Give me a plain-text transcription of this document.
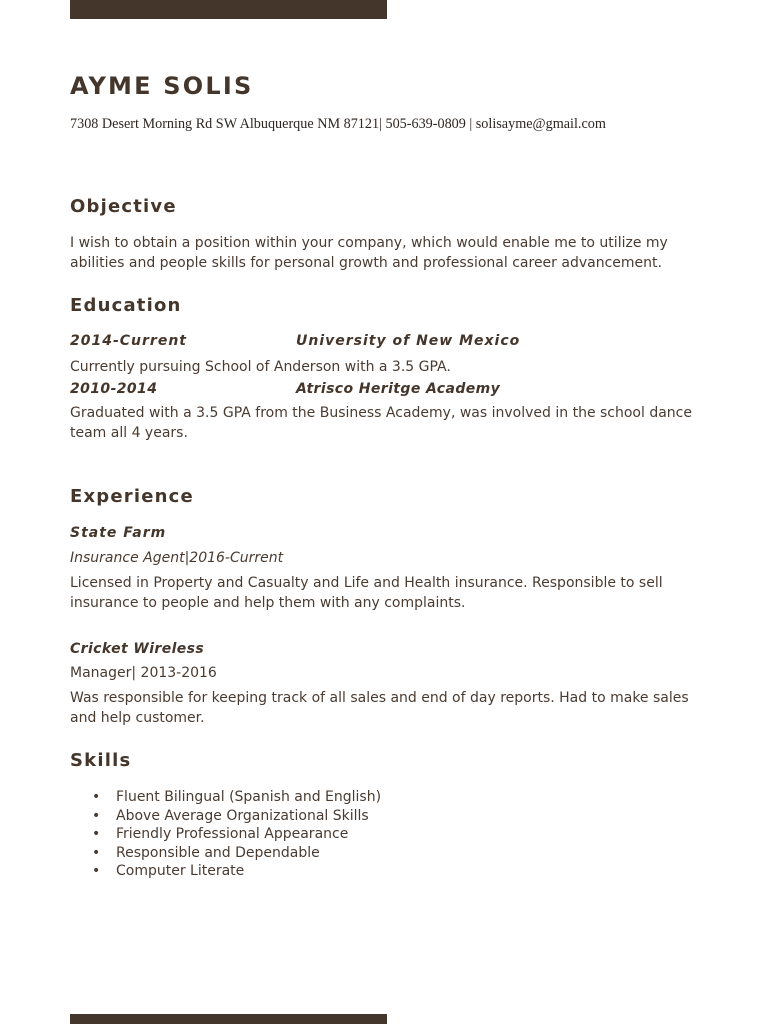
AYME SOLIS

7308 Desert Morning Rd SW Albuquerque NM 87121| 505-639-0809 | solisayme@gmail.com

Objective

I wish to obtain a position within your company, which would enable me to utilize my abilities and people skills for personal growth and professional career advancement.

Education

2014-Current	University of New Mexico

Currently pursuing School of Anderson with a 3.5 GPA.

2010-2014	Atrisco Heritge Academy

Graduated with a 3.5 GPA from the Business Academy, was involved in the school dance team all 4 years.

Experience

State Farm

Insurance Agent|2016-Current

Licensed in Property and Casualty and Life and Health insurance. Responsible to sell insurance to people and help them with any complaints.

Cricket Wireless

Manager| 2013-2016

Was responsible for keeping track of all sales and end of day reports. Had to make sales and help customer.

Skills
• Fluent Bilingual (Spanish and English)
• Above Average Organizational Skills
• Friendly Professional Appearance
• Responsible and Dependable
• Computer Literate
